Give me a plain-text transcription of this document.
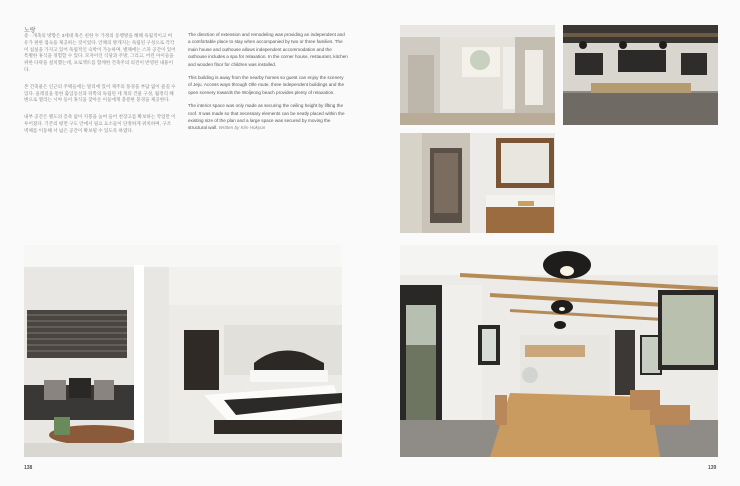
노랑

증 · 개축의 방향은 3세대 혹은 친한 두 가정의 동행방을 해해 독립적이고 여유가 편한 접숙을 제공하는 것이었다. 안채의 방개지는 독립된 구성으로 각각이 침실을 가지고 있어 독립적인 숙박이 가능하며, 별채에는 스파 공간이 있어 특별한 휴식을 경험할 수 있다. 모자이인 식당과 주방, 그리고, 어린 아이들을 위한 다락을 설치했는데, 프로젝트를 함께한 건축주의 의견이 반영된 내용이다.

본 건축물은 인근의 주택들에는 멀리에 있어 제주의 풍경을 부담 없이 즐길 수 있다. 올레길을 통한 출입동선과 뒤쪽의 독립된 세 개의 건물 구성, 월정리 해변으로 열리는 시야 등이 휴식을 찾아온 이들에게 충분한 풍경을 제공한다.

내부 공간은 별도의 층축 없이 지붕을 높여 들어 천장고를 확보하는 작업만 이루어졌다. 기존의 평면 구도 안에서 필요 요소들이 단정하게 위치하며, 구조 벽체를 이동해 서 넓은 공간이 확보될 수 있도록 하였다.

The direction of extension and remodeling was providing an independent and a comfortable place to stay when accompanied by two or three families. The main house and outhouse allows independent accommodation and the outhouse includes a spa for relaxation. In the corner house, restaurant, kitchen and wooden floor for children was installed.

This building is away from the nearby homes so guest can enjoy the scenery of Jeju. Access ways through Olle route, three independent buildings and the open scenery towards the Woljeong beach provides plenty of relaxation.

The interior space was only made as securing the ceiling height by lifting the roof. It was made so that necessary elements can be neatly placed within the existing size of the plan and a large space was secured by moving the structural wall. Written by Kim Hokyun

138	139
